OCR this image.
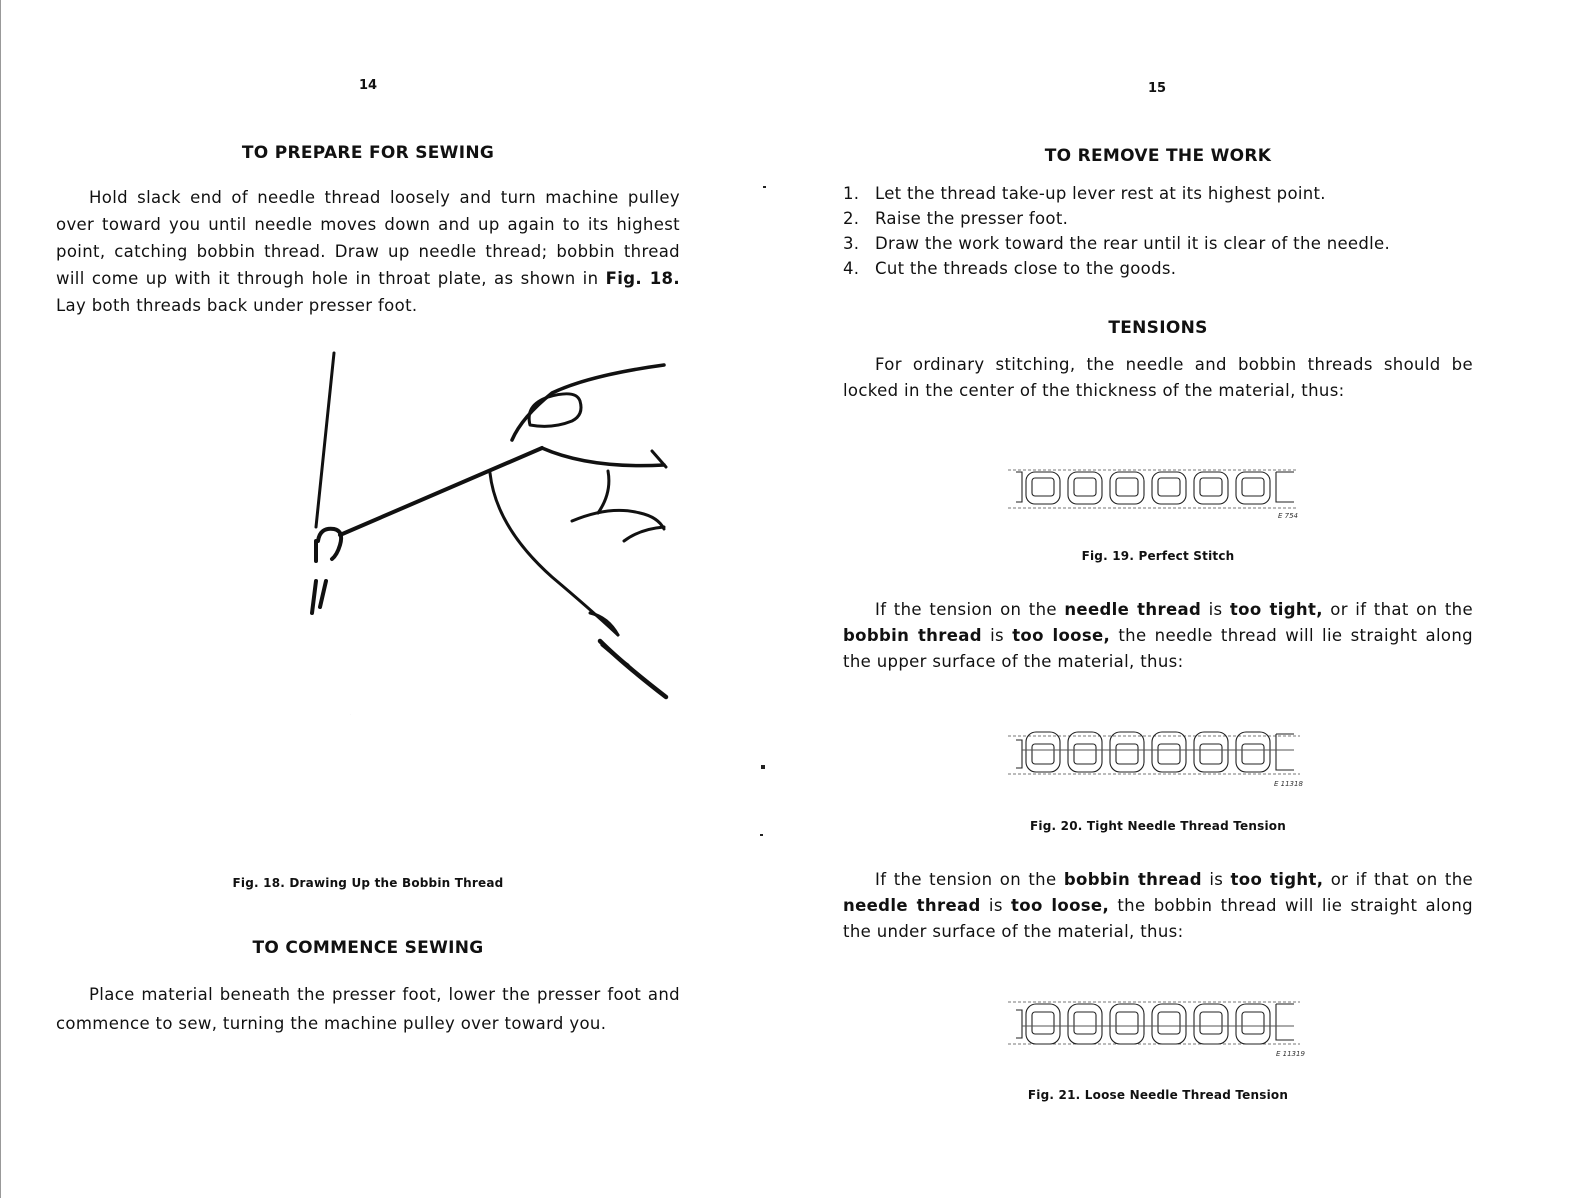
14
TO PREPARE FOR SEWING
Hold slack end of needle thread loosely and turn machine pulley over toward you until needle moves down and up again to its highest point, catching bobbin thread. Draw up needle thread; bobbin thread will come up with it through hole in throat plate, as shown in Fig. 18. Lay both threads back under presser foot.
Fig. 18. Drawing Up the Bobbin Thread
TO COMMENCE SEWING
Place material beneath the presser foot, lower the presser foot and commence to sew, turning the machine pulley over toward you.
15
TO REMOVE THE WORK
1. Let the thread take-up lever rest at its highest point.
2. Raise the presser foot.
3. Draw the work toward the rear until it is clear of the needle.
4. Cut the threads close to the goods.
TENSIONS
For ordinary stitching, the needle and bobbin threads should be locked in the center of the thickness of the material, thus:
E 754
Fig. 19. Perfect Stitch
If the tension on the needle thread is too tight, or if that on the bobbin thread is too loose, the needle thread will lie straight along the upper surface of the material, thus:
E 11318
Fig. 20. Tight Needle Thread Tension
If the tension on the bobbin thread is too tight, or if that on the needle thread is too loose, the bobbin thread will lie straight along the under surface of the material, thus:
E 11319
Fig. 21. Loose Needle Thread Tension
